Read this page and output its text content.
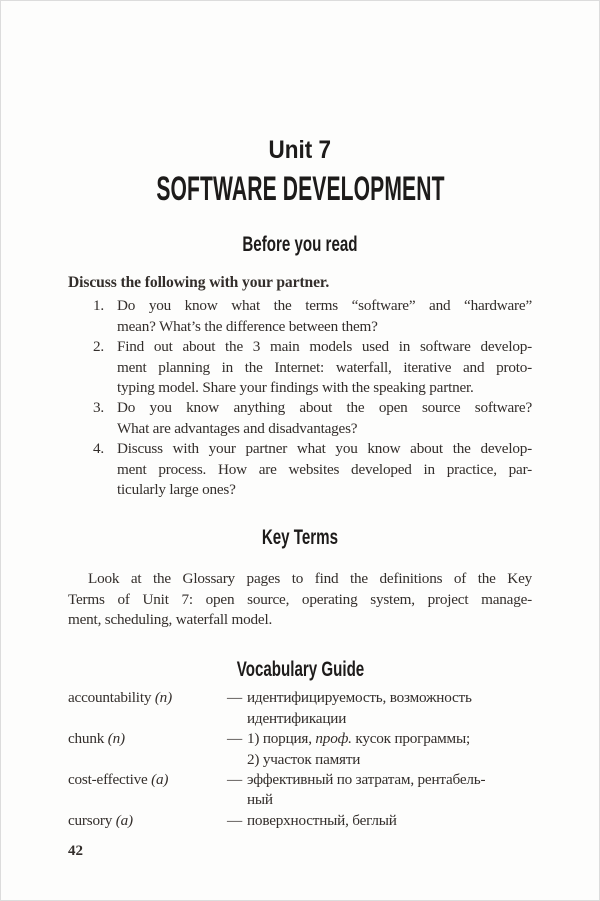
Unit 7
SOFTWARE DEVELOPMENT
Before you read
Discuss the following with your partner.
1. Do you know what the terms “software” and “hardware”
mean? What’s the difference between them?
2. Find out about the 3 main models used in software develop-
ment planning in the Internet: waterfall, iterative and proto-
typing model. Share your findings with the speaking partner.
3. Do you know anything about the open source software?
What are advantages and disadvantages?
4. Discuss with your partner what you know about the develop-
ment process. How are websites developed in practice, par-
ticularly large ones?
Key Terms
Look at the Glossary pages to find the definitions of the Key
Terms of Unit 7: open source, operating system, project manage-
ment, scheduling, waterfall model.
Vocabulary Guide
accountability (n)	— идентифицируемость, возможность
идентификации
chunk (n)	— 1) порция, проф. кусок программы;
2) участок памяти
cost-effective (a)	— эффективный по затратам, рентабель-
ный
cursory (a)	— поверхностный, беглый
42
